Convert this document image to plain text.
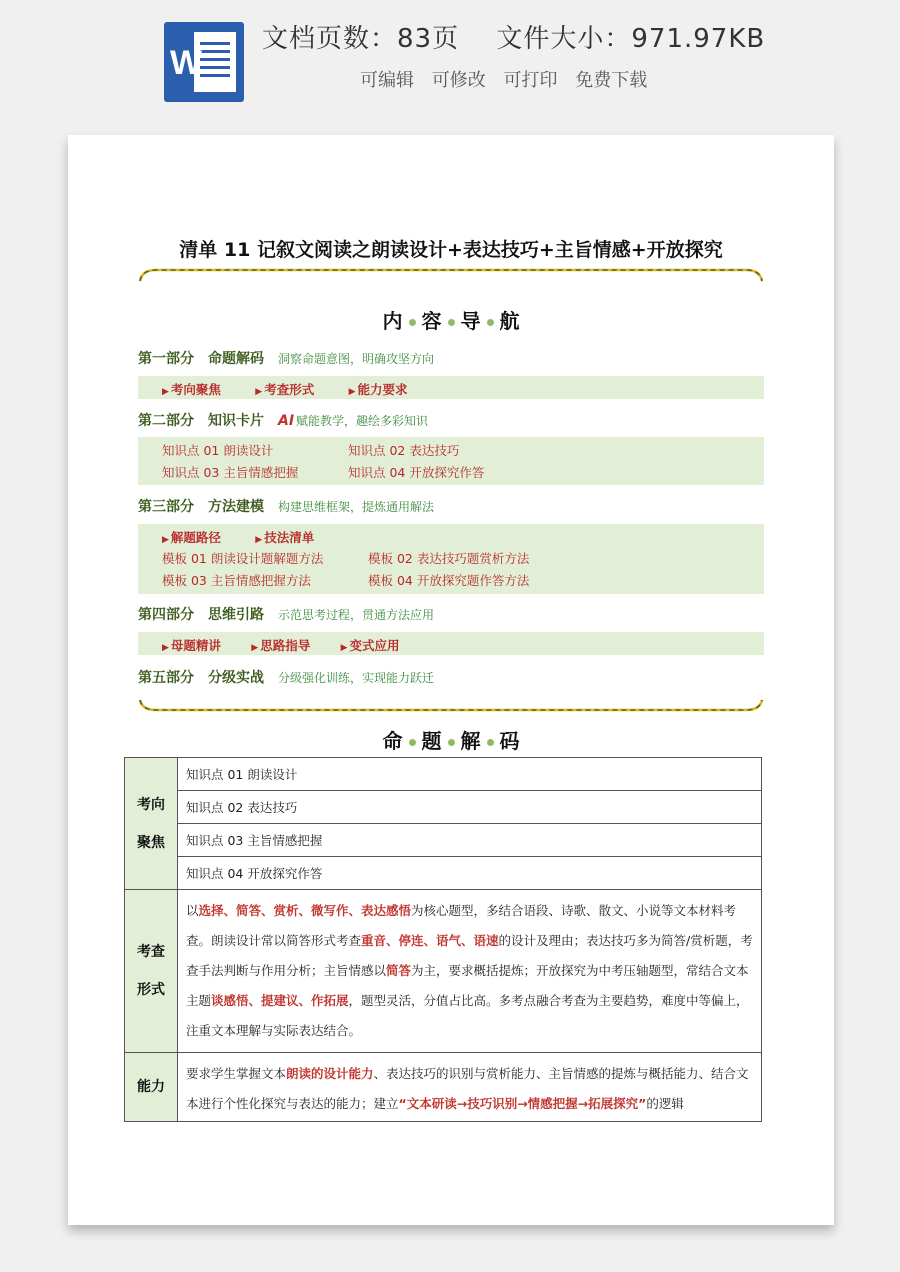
W
文档页数：83页 文件大小：971.97KB
可编辑 可修改 可打印 免费下载
清单 11 记叙文阅读之朗读设计+表达技巧+主旨情感+开放探究
内 容 导 航
第一部分 命题解码 洞察命题意图，明确攻坚方向
▶ 考向聚焦	▶ 考查形式	▶ 能力要求
第二部分 知识卡片 AI 赋能教学，趣绘多彩知识
知识点 01 朗读设计	知识点 02 表达技巧
知识点 03 主旨情感把握	知识点 04 开放探究作答
第三部分 方法建模 构建思维框架，提炼通用解法
▶ 解题路径	▶ 技法清单
模板 01 朗读设计题解题方法	模板 02 表达技巧题赏析方法
模板 03 主旨情感把握方法	模板 04 开放探究题作答方法
第四部分 思维引路 示范思考过程，贯通方法应用
▶ 母题精讲	▶ 思路指导	▶ 变式应用
第五部分 分级实战 分级强化训练，实现能力跃迁
命 题 解 码
考向
聚焦	知识点 01 朗读设计
	知识点 02 表达技巧
	知识点 03 主旨情感把握
	知识点 04 开放探究作答

考查
形式	以选择、简答、赏析、微写作、表达感悟为核心题型，多结合语段、诗歌、散文、小说等文本材料考查。朗读设计常以简答形式考查重音、停连、语气、语速的设计及理由；表达技巧多为简答/赏析题，考查手法判断与作用分析；主旨情感以简答为主，要求概括提炼；开放探究为中考压轴题型，常结合文本主题谈感悟、提建议、作拓展，题型灵活，分值占比高。多考点融合考查为主要趋势，难度中等偏上，注重文本理解与实际表达结合。
能力	要求学生掌握文本朗读的设计能力、表达技巧的识别与赏析能力、主旨情感的提炼与概括能力、结合文本进行个性化探究与表达的能力；建立“文本研读→技巧识别→情感把握→拓展探究”的逻辑
